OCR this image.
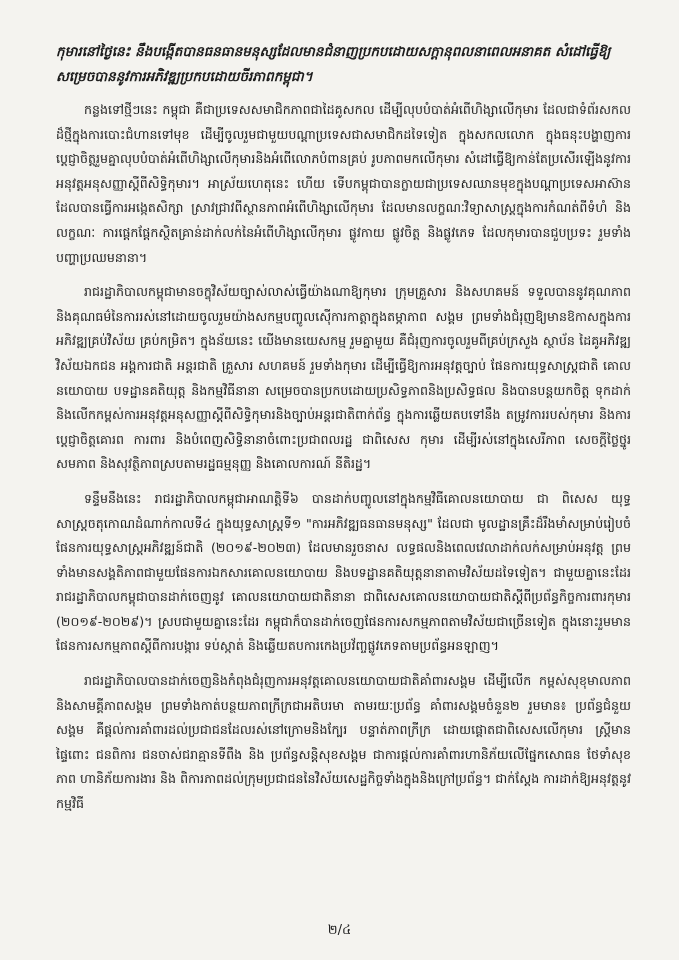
កុមារនៅថ្ងៃនេះ នឹងបង្កើតបានធនធានមនុស្សដែលមានជំនាញប្រកបដោយសក្តានុពលនាពេលអនាគត សំដៅធ្វើឱ្យសម្រេចបាននូវការអភិវឌ្ឍប្រកបដោយចីរភាពកម្ពុជា។

កន្លងទៅថ្មីៗនេះ កម្ពុជា គឺជាប្រទេសសមាជិកភាពជាដៃគូសកល ដើម្បីលុបបំបាត់អំពើហិង្សាលើកុមារ ដែលជាទំព័រសកលដ៏ថ្មីក្នុងការបោះជំហានទៅមុខ ដើម្បីចូលរួមជាមួយបណ្ដាប្រទេសជាសមាជិកដទៃទៀត ក្នុងសកលលោក ក្នុងធនុះបង្ហាញការប្ដេជ្ញាចិត្តរួមគ្នាលុបបំបាត់អំពើហិង្សាលើកុមារនិងអំពើលោភបំពានគ្រប់ រូបភាពមកលើកុមារ សំដៅធ្វើឱ្យកាន់តែប្រសើរឡើងនូវការអនុវត្តអនុសញ្ញាស្ដីពីសិទ្ធិកុមារ។ អាស្រ័យហេតុនេះ ហើយ ទើបកម្ពុជាបានក្លាយជាប្រទេសឈានមុខក្នុងបណ្ដាប្រទេសអាស៊ាន ដែលបានធ្វើការអង្កេតសិក្សា ស្រាវជ្រាវពីស្ថានភាពអំពើហិង្សាលើកុមារ ដែលមានលក្ខណៈវិទ្យាសាស្ត្រក្នុងការកំណត់ពីទំហំ និងលក្ខណៈ ការផ្ដេកផ្ដែកស្ថិតគ្រាន់ដាក់លក់នៃអំពើហិង្សាលើកុមារ ផ្លូវកាយ ផ្លូវចិត្ត និងផ្លូវភេទ ដែលកុមារបានជួបប្រទះ រួមទាំង បញ្ហាប្រឈមនានា។

រាជរដ្ឋាភិបាលកម្ពុជាមានចក្ខុវិស័យច្បាស់លាស់ធ្វើយ៉ាងណាឱ្យកុមារ ក្រុមគ្រួសារ និងសហគមន៍ ទទួលបាននូវគុណភាពនិងគុណធម៌នៃការរស់នៅដោយចូលរួមយ៉ាងសកម្មបញ្ចូលស៊ើការកាត្តាក្នុងតម្កាភាព សង្គម ព្រមទាំងជំរុញឱ្យមានឱកាសក្នុងការអភិវឌ្ឍគ្រប់វិស័យ គ្រប់កម្រិត។ ក្នុងន័យនេះ យើងមានយេសកម្ម រួមគ្នាមួយ គឺជំរុញការចូលរួមពីគ្រប់ក្រសួង ស្ថាប័ន ដៃគូអភិវឌ្ឍ វិស័យឯកជន អង្គការជាតិ អន្តរជាតិ គ្រួសារ សហគមន៍ រួមទាំងកុមារ ដើម្បីធ្វើឱ្យការអនុវត្តច្បាប់ ផែនការយុទ្ធសាស្ត្រជាតិ គោលនយោបាយ បទដ្ឋានគតិយុត្ត និងកម្មវិធីនានា សម្រេចបានប្រកបដោយប្រសិទ្ធភាពនិងប្រសិទ្ធផល និងបានបន្ដយកចិត្ត ទុកដាក់និងលើកកម្ពស់ការអនុវត្តអនុសញ្ញាស្ដីពីសិទ្ធិកុមារនិងច្បាប់អន្តរជាតិពាក់ព័ន្ធ ក្នុងការឆ្លើយតបទៅនឹង តម្រូវការរបស់កុមារ និងការប្ដេជ្ញាចិត្តគោរព ការពារ និងបំពេញសិទ្ធិនានាចំពោះប្រជាពលរដ្ឋ ជាពិសេស កុមារ ដើម្បីរស់នៅក្នុងសេរីភាព សេចក្ដីថ្លៃថ្នូរ សមភាព និងសុវត្ថិភាពស្របតាមរដ្ឋធម្មនុញ្ញ និងគោលការណ៍ នីតិរដ្ឋ។

ទន្ទឹមនឹងនេះ រាជរដ្ឋាភិបាលកម្ពុជាអាណត្តិទី៦ បានដាក់បញ្ចូលនៅក្នុងកម្មវិធីគោលនយោបាយ ជា ពិសេស យុទ្ធសាស្ត្រចតុកោណដំណាក់កាលទី៤ ក្នុងយុទ្ធសាស្ត្រទី១ "ការអភិវឌ្ឍធនធានមនុស្ស" ដែលជា មូលដ្ឋានគ្រឹះដ៏រឹងមាំសម្រាប់រៀបចំផែនការយុទ្ធសាស្ត្រអភិវឌ្ឍន៍ជាតិ (២០១៩-២០២៣) ដែលមានរួចនាស លទ្ធផលនិងពេលវេលាដាក់លក់សម្រាប់អនុវត្ត ព្រមទាំងមានសង្គតិភាពជាមួយផែនការឯកសារគោលនយោបាយ និងបទដ្ឋានគតិយុត្តនានាតាមវិស័យដទៃទៀត។ ជាមួយគ្នានេះដែរ រាជរដ្ឋាភិបាលកម្ពុជាបានដាក់ចេញនូវ គោលនយោបាយជាតិនានា ជាពិសេសគោលនយោបាយជាតិស្ដីពីប្រព័ន្ធកិច្ចការពារកុមារ (២០១៩-២០២៩)។ ស្របជាមួយគ្នានេះដែរ កម្ពុជាក៏បានដាក់ចេញផែនការសកម្មភាពតាមវិស័យជាច្រើនទៀត ក្នុងនោះរួមមាន ផែនការសកម្មភាពស្ដីពីការបង្ការ ទប់ស្កាត់ និងឆ្លើយតបការកេងប្រវ័ញ្ចផ្លូវភេទតាមប្រព័ន្ធអនឡាញ។

រាជរដ្ឋាភិបាលបានដាក់ចេញនិងកំពុងជំរុញការអនុវត្តគោលនយោបាយជាតិគាំពារសង្គម ដើម្បីលើក កម្ពស់សុខុមាលភាពនិងសាមគ្គីភាពសង្គម ព្រមទាំងកាត់បន្ថយភាពក្រីក្រជាអតិបរមា តាមរយៈប្រព័ន្ធ គាំពារសង្គមចំនួន២ រួមមាន៖ ប្រព័ន្ធជំនួយសង្គម គឺផ្ដល់ការគាំពារដល់ប្រជាជនដែលរស់នៅក្រោមនិងក្បែរ បន្ទាត់ភាពក្រីក្រ ដោយផ្ដោតជាពិសេសលើកុមារ ស្ត្រីមានផ្ទៃពោះ ជនពិការ ជនចាស់ជរាគ្មានទីពឹង និង ប្រព័ន្ធសន្តិសុខសង្គម ជាការផ្ដល់ការគាំពារហានិភ័យលើផ្នែកសោធន ថែទាំសុខភាព ហានិភ័យការងារ និង ពិការភាពដល់ក្រុមប្រជាជននៃវិស័យសេដ្ឋកិច្ចទាំងក្នុងនិងក្រៅប្រព័ន្ធ។ ជាក់ស្ដែង ការដាក់ឱ្យអនុវត្តនូវកម្មវិធី

២/៤
